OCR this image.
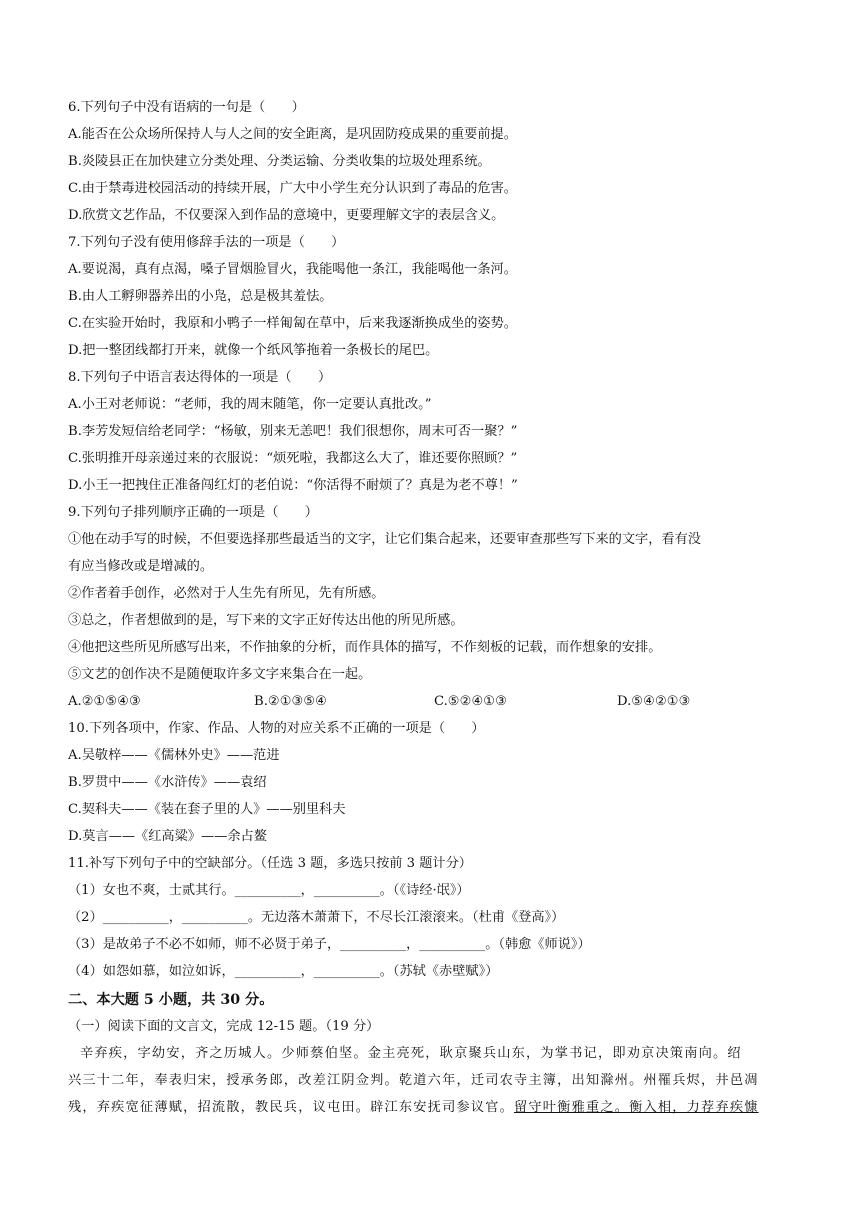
6.下列句子中没有语病的一句是（　　）
A.能否在公众场所保持人与人之间的安全距离，是巩固防疫成果的重要前提。
B.炎陵县正在加快建立分类处理、分类运输、分类收集的垃圾处理系统。
C.由于禁毒进校园活动的持续开展，广大中小学生充分认识到了毒品的危害。
D.欣赏文艺作品，不仅要深入到作品的意境中，更要理解文字的表层含义。
7.下列句子没有使用修辞手法的一项是（　　）
A.要说渴，真有点渴，嗓子冒烟脸冒火，我能喝他一条江，我能喝他一条河。
B.由人工孵卵器养出的小凫，总是极其羞怯。
C.在实验开始时，我原和小鸭子一样匍匐在草中，后来我逐渐换成坐的姿势。
D.把一整团线都打开来，就像一个纸风筝拖着一条极长的尾巴。
8.下列句子中语言表达得体的一项是（　　）
A.小王对老师说：“老师，我的周末随笔，你一定要认真批改。”
B.李芳发短信给老同学：“杨敏，别来无恙吧！我们很想你，周末可否一聚？”
C.张明推开母亲递过来的衣服说：“烦死啦，我都这么大了，谁还要你照顾？”
D.小王一把拽住正准备闯红灯的老伯说：“你活得不耐烦了？真是为老不尊！”
9.下列句子排列顺序正确的一项是（　　）
①他在动手写的时候，不但要选择那些最适当的文字，让它们集合起来，还要审查那些写下来的文字，看有没
有应当修改或是增减的。
②作者着手创作，必然对于人生先有所见，先有所感。
③总之，作者想做到的是，写下来的文字正好传达出他的所见所感。
④他把这些所见所感写出来，不作抽象的分析，而作具体的描写，不作刻板的记载，而作想象的安排。
⑤文艺的创作决不是随便取许多文字来集合在一起。
A.②①⑤④③	B.②①③⑤④	C.⑤②④①③	D.⑤④②①③
10.下列各项中，作家、作品、人物的对应关系不正确的一项是（　　）
A.吴敬梓——《儒林外史》——范进
B.罗贯中——《水浒传》——袁绍
C.契科夫——《装在套子里的人》——别里科夫
D.莫言——《红高粱》——余占鳌
11.补写下列句子中的空缺部分。（任选 3 题，多选只按前 3 题计分）
（1）女也不爽，士贰其行。__________，__________。（《诗经·氓》）
（2）__________，__________。无边落木萧萧下，不尽长江滚滚来。（杜甫《登高》）
（3）是故弟子不必不如师，师不必贤于弟子，__________，__________。（韩愈《师说》）
（4）如怨如慕，如泣如诉，__________，__________。（苏轼《赤壁赋》）
二、本大题 5 小题，共 30 分。
（一）阅读下面的文言文，完成 12-15 题。（19 分）
辛弃疾，字幼安，齐之历城人。少师蔡伯坚。金主亮死，耿京聚兵山东，为掌书记，即劝京决策南向。绍
兴三十二年，奉表归宋，授承务郎，改差江阴佥判。乾道六年，迁司农寺主簿，出知滁州。州罹兵烬，井邑凋
残，弃疾宽征薄赋，招流散，教民兵，议屯田。辟江东安抚司参议官。留守叶衡雅重之。衡入相，力荐弃疾慷
